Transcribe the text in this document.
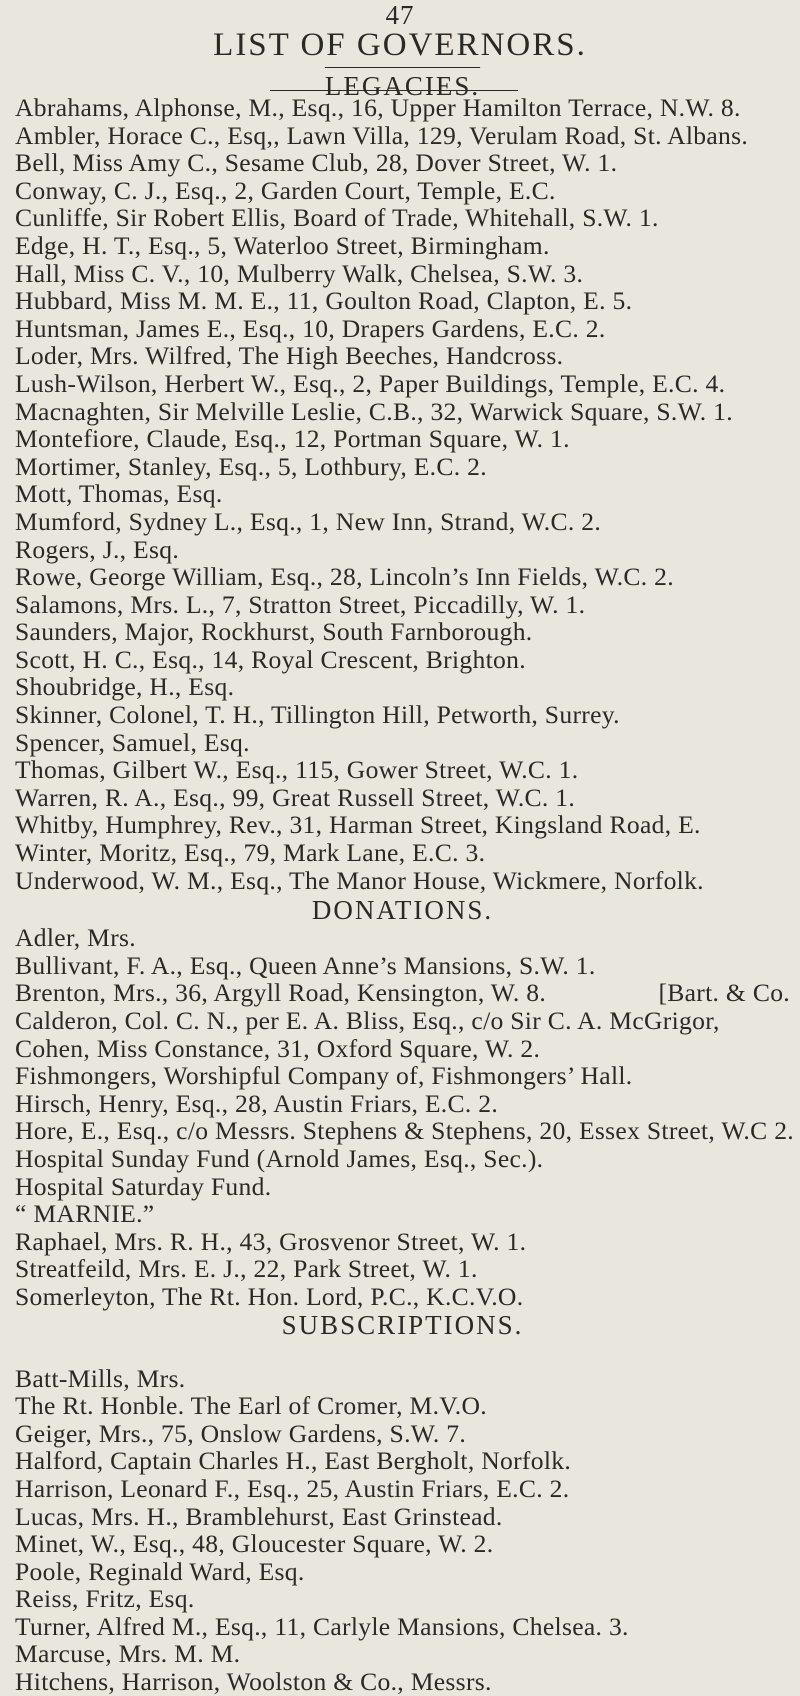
47
LIST OF GOVERNORS.
LEGACIES.
Abrahams, Alphonse, M., Esq., 16, Upper Hamilton Terrace, N.W. 8.
Ambler, Horace C., Esq,, Lawn Villa, 129, Verulam Road, St. Albans.
Bell, Miss Amy C., Sesame Club, 28, Dover Street, W. 1.
Conway, C. J., Esq., 2, Garden Court, Temple, E.C.
Cunliffe, Sir Robert Ellis, Board of Trade, Whitehall, S.W. 1.
Edge, H. T., Esq., 5, Waterloo Street, Birmingham.
Hall, Miss C. V., 10, Mulberry Walk, Chelsea, S.W. 3.
Hubbard, Miss M. M. E., 11, Goulton Road, Clapton, E. 5.
Huntsman, James E., Esq., 10, Drapers Gardens, E.C. 2.
Loder, Mrs. Wilfred, The High Beeches, Handcross.
Lush-Wilson, Herbert W., Esq., 2, Paper Buildings, Temple, E.C. 4.
Macnaghten, Sir Melville Leslie, C.B., 32, Warwick Square, S.W. 1.
Montefiore, Claude, Esq., 12, Portman Square, W. 1.
Mortimer, Stanley, Esq., 5, Lothbury, E.C. 2.
Mott, Thomas, Esq.
Mumford, Sydney L., Esq., 1, New Inn, Strand, W.C. 2.
Rogers, J., Esq.
Rowe, George William, Esq., 28, Lincoln’s Inn Fields, W.C. 2.
Salamons, Mrs. L., 7, Stratton Street, Piccadilly, W. 1.
Saunders, Major, Rockhurst, South Farnborough.
Scott, H. C., Esq., 14, Royal Crescent, Brighton.
Shoubridge, H., Esq.
Skinner, Colonel, T. H., Tillington Hill, Petworth, Surrey.
Spencer, Samuel, Esq.
Thomas, Gilbert W., Esq., 115, Gower Street, W.C. 1.
Warren, R. A., Esq., 99, Great Russell Street, W.C. 1.
Whitby, Humphrey, Rev., 31, Harman Street, Kingsland Road, E.
Winter, Moritz, Esq., 79, Mark Lane, E.C. 3.
Underwood, W. M., Esq., The Manor House, Wickmere, Norfolk.
DONATIONS.
Adler, Mrs.
Bullivant, F. A., Esq., Queen Anne’s Mansions, S.W. 1.
Brenton, Mrs., 36, Argyll Road, Kensington, W. 8.	[Bart. & Co.
Calderon, Col. C. N., per E. A. Bliss, Esq., c/o Sir C. A. McGrigor,
Cohen, Miss Constance, 31, Oxford Square, W. 2.
Fishmongers, Worshipful Company of, Fishmongers’ Hall.
Hirsch, Henry, Esq., 28, Austin Friars, E.C. 2.
Hore, E., Esq., c/o Messrs. Stephens & Stephens, 20, Essex Street, W.C 2.
Hospital Sunday Fund (Arnold James, Esq., Sec.).
Hospital Saturday Fund.
“ MARNIE.”
Raphael, Mrs. R. H., 43, Grosvenor Street, W. 1.
Streatfeild, Mrs. E. J., 22, Park Street, W. 1.
Somerleyton, The Rt. Hon. Lord, P.C., K.C.V.O.
SUBSCRIPTIONS.
Batt-Mills, Mrs.
The Rt. Honble. The Earl of Cromer, M.V.O.
Geiger, Mrs., 75, Onslow Gardens, S.W. 7.
Halford, Captain Charles H., East Bergholt, Norfolk.
Harrison, Leonard F., Esq., 25, Austin Friars, E.C. 2.
Lucas, Mrs. H., Bramblehurst, East Grinstead.
Minet, W., Esq., 48, Gloucester Square, W. 2.
Poole, Reginald Ward, Esq.
Reiss, Fritz, Esq.
Turner, Alfred M., Esq., 11, Carlyle Mansions, Chelsea. 3.
Marcuse, Mrs. M. M.
Hitchens, Harrison, Woolston & Co., Messrs.
